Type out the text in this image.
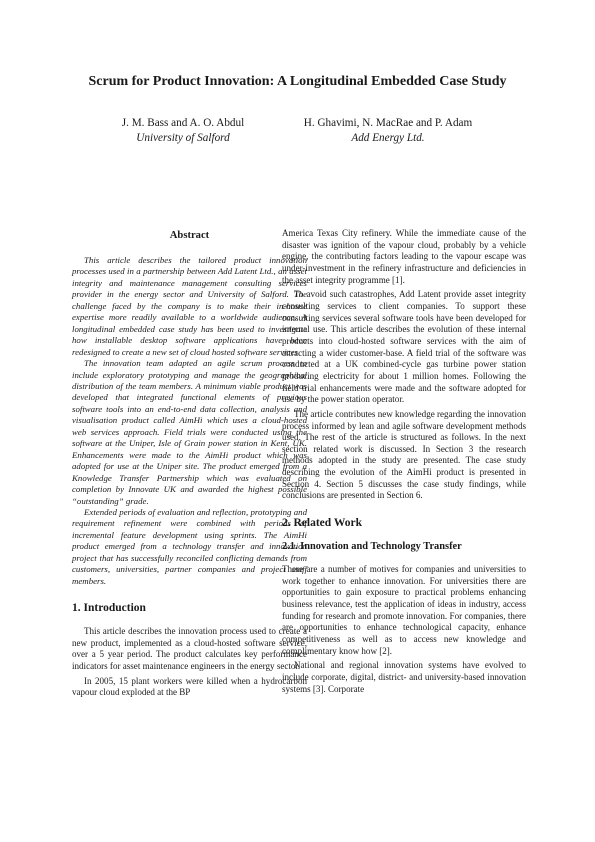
Scrum for Product Innovation: A Longitudinal Embedded Case Study
J. M. Bass and A. O. Abdul
University of Salford
H. Ghavimi, N. MacRae and P. Adam
Add Energy Ltd.
Abstract

This article describes the tailored product innovation processes used in a partnership between Add Latent Ltd., an asset integrity and maintenance management consulting services provider in the energy sector and University of Salford. The challenge faced by the company is to make their in-house expertise more readily available to a worldwide audience. A longitudinal embedded case study has been used to investigate how installable desktop software applications have been redesigned to create a new set of cloud hosted software services.

The innovation team adapted an agile scrum process to include exploratory prototyping and manage the geographical distribution of the team members. A minimum viable product was developed that integrated functional elements of previous software tools into an end-to-end data collection, analysis and visualisation product called AimHi which uses a cloud-hosted web services approach. Field trials were conducted using the software at the Uniper, Isle of Grain power station in Kent, UK. Enhancements were made to the AimHi product which was adopted for use at the Uniper site. The product emerged from a Knowledge Transfer Partnership which was evaluated on completion by Innovate UK and awarded the highest possible “outstanding” grade.

Extended periods of evaluation and reflection, prototyping and requirement refinement were combined with periods of incremental feature development using sprints. The AimHi product emerged from a technology transfer and innovation project that has successfully reconciled conflicting demands from customers, universities, partner companies and project staff members.

1. Introduction

This article describes the innovation process used to create a new product, implemented as a cloud-hosted software service, over a 5 year period. The product calculates key performance indicators for asset maintenance engineers in the energy sector.

In 2005, 15 plant workers were killed when a hydrocarbon vapour cloud exploded at the BP

America Texas City refinery. While the immediate cause of the disaster was ignition of the vapour cloud, probably by a vehicle engine, the contributing factors leading to the vapour escape was under-investment in the refinery infrastructure and deficiencies in the asset integrity programme [1].

To avoid such catastrophes, Add Latent provide asset integrity consulting services to client companies. To support these consulting services several software tools have been developed for internal use. This article describes the evolution of these internal products into cloud-hosted software services with the aim of attracting a wider customer-base. A field trial of the software was conducted at a UK combined-cycle gas turbine power station producing electricity for about 1 million homes. Following the field trial enhancements were made and the software adopted for use by the power station operator.

The article contributes new knowledge regarding the innovation process informed by lean and agile software development methods used. The rest of the article is structured as follows. In the next section related work is discussed. In Section 3 the research methods adopted in the study are presented. The case study describing the evolution of the AimHi product is presented in Section 4. Section 5 discusses the case study findings, while conclusions are presented in Section 6.

2. Related Work
2.1. Innovation and Technology Transfer

There are a number of motives for companies and universities to work together to enhance innovation. For universities there are opportunities to gain exposure to practical problems enhancing business relevance, test the application of ideas in industry, access funding for research and promote innovation. For companies, there are opportunities to enhance technological capacity, enhance competitiveness as well as to access new knowledge and complimentary know how [2].

National and regional innovation systems have evolved to include corporate, digital, district- and university-based innovation systems [3]. Corporate
